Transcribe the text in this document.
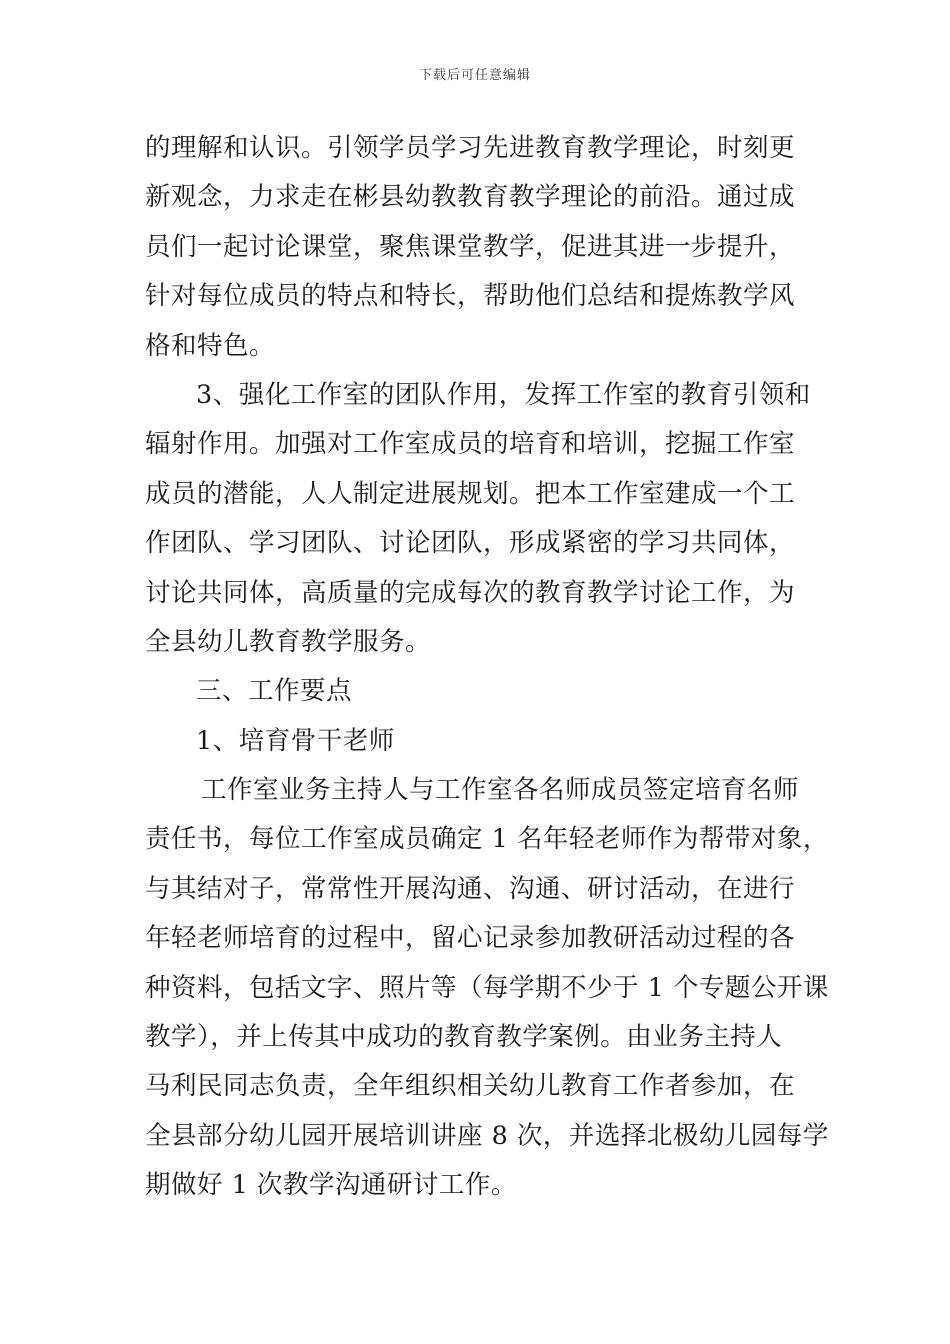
下载后可任意编辑
的理解和认识。引领学员学习先进教育教学理论，时刻更
新观念，力求走在彬县幼教教育教学理论的前沿。通过成
员们一起讨论课堂，聚焦课堂教学，促进其进一步提升，
针对每位成员的特点和特长，帮助他们总结和提炼教学风
格和特色。
3、强化工作室的团队作用，发挥工作室的教育引领和
辐射作用。加强对工作室成员的培育和培训，挖掘工作室
成员的潜能，人人制定进展规划。把本工作室建成一个工
作团队、学习团队、讨论团队，形成紧密的学习共同体，
讨论共同体，高质量的完成每次的教育教学讨论工作，为
全县幼儿教育教学服务。
三、工作要点
1、培育骨干老师
工作室业务主持人与工作室各名师成员签定培育名师
责任书，每位工作室成员确定 1 名年轻老师作为帮带对象，
与其结对子，常常性开展沟通、沟通、研讨活动，在进行
年轻老师培育的过程中，留心记录参加教研活动过程的各
种资料，包括文字、照片等（每学期不少于 1 个专题公开课
教学），并上传其中成功的教育教学案例。由业务主持人
马利民同志负责，全年组织相关幼儿教育工作者参加，在
全县部分幼儿园开展培训讲座 8 次，并选择北极幼儿园每学
期做好 1 次教学沟通研讨工作。
